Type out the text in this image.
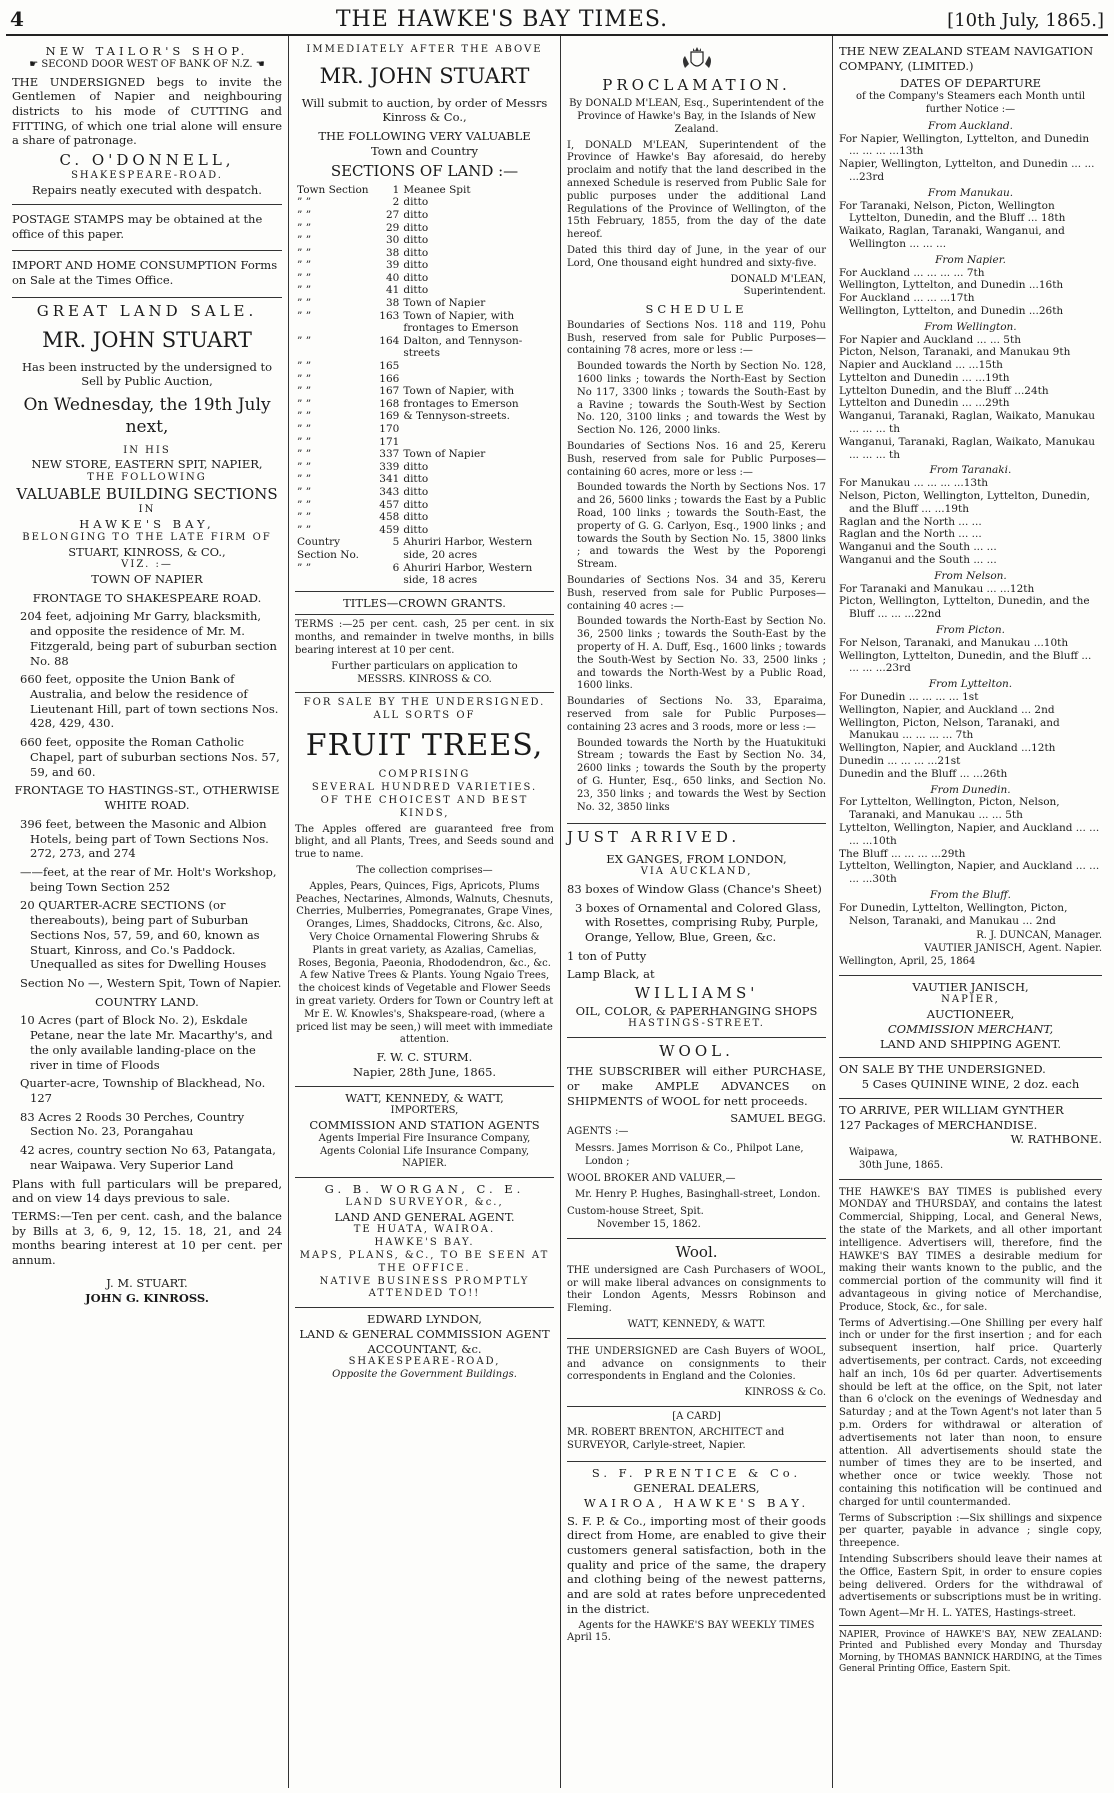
4	THE HAWKE'S BAY TIMES.	[10th July, 1865.]
NEW TAILOR'S SHOP.
☛ SECOND DOOR WEST OF BANK OF N.Z. ☚

THE UNDERSIGNED begs to invite the Gentlemen of Napier and neighbouring districts to his mode of CUTTING and FITTING, of which one trial alone will ensure a share of patronage.

C. O'DONNELL,
SHAKESPEARE-ROAD.
Repairs neatly executed with despatch.

POSTAGE STAMPS may be obtained at the office of this paper.

IMPORT AND HOME CONSUMPTION Forms on Sale at the Times Office.

GREAT LAND SALE.
MR. JOHN STUART
Has been instructed by the undersigned to Sell by Public Auction,
On Wednesday, the 19th July next,
IN HIS
NEW STORE, EASTERN SPIT, NAPIER,
THE FOLLOWING
VALUABLE BUILDING SECTIONS
IN
HAWKE'S BAY,
BELONGING TO THE LATE FIRM OF
STUART, KINROSS, & CO.,
VIZ. :—
TOWN OF NAPIER
FRONTAGE TO SHAKESPEARE ROAD.
204 feet, adjoining Mr Garry, blacksmith, and opposite the residence of Mr. M. Fitzgerald, being part of suburban section No. 88
660 feet, opposite the Union Bank of Australia, and below the residence of Lieutenant Hill, part of town sections Nos. 428, 429, 430.
660 feet, opposite the Roman Catholic Chapel, part of suburban sections Nos. 57, 59, and 60.
FRONTAGE TO HASTINGS-ST., OTHERWISE WHITE ROAD.
396 feet, between the Masonic and Albion Hotels, being part of Town Sections Nos. 272, 273, and 274
——feet, at the rear of Mr. Holt's Workshop, being Town Section 252
20 QUARTER-ACRE SECTIONS (or thereabouts), being part of Suburban Sections Nos, 57, 59, and 60, known as Stuart, Kinross, and Co.'s Paddock. Unequalled as sites for Dwelling Houses
Section No —, Western Spit, Town of Napier.
COUNTRY LAND.
10 Acres (part of Block No. 2), Eskdale Petane, near the late Mr. Macarthy's, and the only available landing-place on the river in time of Floods
Quarter-acre, Township of Blackhead, No. 127
83 Acres 2 Roods 30 Perches, Country Section No. 23, Porangahau
42 acres, country section No 63, Patangata, near Waipawa. Very Superior Land

Plans with full particulars will be prepared, and on view 14 days previous to sale.

TERMS:—Ten per cent. cash, and the balance by Bills at 3, 6, 9, 12, 15. 18, 21, and 24 months bearing interest at 10 per cent. per annum.

J. M. STUART.
JOHN G. KINROSS.
IMMEDIATELY AFTER THE ABOVE
MR. JOHN STUART
Will submit to auction, by order of Messrs Kinross & Co.,
THE FOLLOWING VERY VALUABLE
Town and Country
SECTIONS OF LAND :—
Town Section	1	Meanee Spit
” ”	2	ditto
” ”	27	ditto
” ”	29	ditto
” ”	30	ditto
” ”	38	ditto
” ”	39	ditto
” ”	40	ditto
” ”	41	ditto
” ”	38	Town of Napier
” ”	163	Town of Napier, with frontages to Emerson
” ”	164	Dalton, and Tennyson-streets
” ”	165	
” ”	166	
” ”	167	Town of Napier, with
” ”	168	frontages to Emerson
” ”	169	& Tennyson-streets.
” ”	170	
” ”	171	
” ”	337	Town of Napier
” ”	339	ditto
” ”	341	ditto
” ”	343	ditto
” ”	457	ditto
” ”	458	ditto
” ”	459	ditto
Country Section No.	5	Ahuriri Harbor, Western side, 20 acres
” ”	6	Ahuriri Harbor, Western side, 18 acres
TITLES—CROWN GRANTS.

TERMS :—25 per cent. cash, 25 per cent. in six months, and remainder in twelve months, in bills bearing interest at 10 per cent.

Further particulars on application to
MESSRS. KINROSS & CO.
FOR SALE BY THE UNDERSIGNED.
ALL SORTS OF
FRUIT TREES,
COMPRISING
SEVERAL HUNDRED VARIETIES.
OF THE CHOICEST AND BEST KINDS,

The Apples offered are guaranteed free from blight, and all Plants, Trees, and Seeds sound and true to name.

The collection comprises—

Apples, Pears, Quinces, Figs, Apricots, Plums Peaches, Nectarines, Almonds, Walnuts, Chesnuts, Cherries, Mulberries, Pomegranates, Grape Vines, Oranges, Limes, Shaddocks, Citrons, &c. Also, Very Choice Ornamental Flowering Shrubs & Plants in great variety, as Azalias, Camelias, Roses, Begonia, Paeonia, Rhododendron, &c., &c. A few Native Trees & Plants. Young Ngaio Trees, the choicest kinds of Vegetable and Flower Seeds in great variety. Orders for Town or Country left at Mr E. W. Knowles's, Shakspeare-road, (where a priced list may be seen,) will meet with immediate attention.

F. W. C. STURM.
Napier, 28th June, 1865.
WATT, KENNEDY, & WATT,
IMPORTERS,
COMMISSION AND STATION AGENTS
Agents Imperial Fire Insurance Company,
Agents Colonial Life Insurance Company,
NAPIER.
G. B. WORGAN, C. E.
LAND SURVEYOR, &c.,
LAND AND GENERAL AGENT.
TE HUATA, WAIROA.
HAWKE'S BAY.
MAPS, PLANS, &C., TO BE SEEN AT THE OFFICE.
NATIVE BUSINESS PROMPTLY ATTENDED TO!!
EDWARD LYNDON,
LAND & GENERAL COMMISSION AGENT
ACCOUNTANT, &c.
SHAKESPEARE-ROAD,
Opposite the Government Buildings.
PROCLAMATION.

By DONALD M'LEAN, Esq., Superintendent of the Province of Hawke's Bay, in the Islands of New Zealand.

I, DONALD M'LEAN, Superintendent of the Province of Hawke's Bay aforesaid, do hereby proclaim and notify that the land described in the annexed Schedule is reserved from Public Sale for public purposes under the additional Land Regulations of the Province of Wellington, of the 15th February, 1855, from the day of the date hereof.

Dated this third day of June, in the year of our Lord, One thousand eight hundred and sixty-five.

DONALD M'LEAN,
Superintendent.
SCHEDULE

Boundaries of Sections Nos. 118 and 119, Pohu Bush, reserved from sale for Public Purposes—containing 78 acres, more or less :—

Bounded towards the North by Section No. 128, 1600 links ; towards the North-East by Section No 117, 3300 links ; towards the South-East by a Ravine ; towards the South-West by Section No. 120, 3100 links ; and towards the West by Section No. 126, 2000 links.

Boundaries of Sections Nos. 16 and 25, Kereru Bush, reserved from sale for Public Purposes—containing 60 acres, more or less :—

Bounded towards the North by Sections Nos. 17 and 26, 5600 links ; towards the East by a Public Road, 100 links ; towards the South-East, the property of G. G. Carlyon, Esq., 1900 links ; and towards the South by Section No. 15, 3800 links ; and towards the West by the Poporengi Stream.

Boundaries of Sections Nos. 34 and 35, Kereru Bush, reserved from sale for Public Purposes—containing 40 acres :—

Bounded towards the North-East by Section No. 36, 2500 links ; towards the South-East by the property of H. A. Duff, Esq., 1600 links ; towards the South-West by Section No. 33, 2500 links ; and towards the North-West by a Public Road, 1600 links.

Boundaries of Sections No. 33, Eparaima, reserved from sale for Public Purposes—containing 23 acres and 3 roods, more or less :—

Bounded towards the North by the Huatukituki Stream ; towards the East by Section No. 34, 2600 links ; towards the South by the property of G. Hunter, Esq., 650 links, and Section No. 23, 350 links ; and towards the West by Section No. 32, 3850 links

JUST ARRIVED.
EX GANGES, FROM LONDON,
VIA AUCKLAND,

83 boxes of Window Glass (Chance's Sheet)

3 boxes of Ornamental and Colored Glass, with Rosettes, comprising Ruby, Purple, Orange, Yellow, Blue, Green, &c.

1 ton of Putty

Lamp Black, at

WILLIAMS'
OIL, COLOR, & PAPERHANGING SHOPS
HASTINGS-STREET.
WOOL.

THE SUBSCRIBER will either PURCHASE, or make AMPLE ADVANCES on SHIPMENTS of WOOL for nett proceeds.

SAMUEL BEGG.
AGENTS :—
Messrs. James Morrison & Co., Philpot Lane, London ;
WOOL BROKER AND VALUER,—
Mr. Henry P. Hughes, Basinghall-street, London.
Custom-house Street, Spit.
November 15, 1862.
Wool.

THE undersigned are Cash Purchasers of WOOL, or will make liberal advances on consignments to their London Agents, Messrs Robinson and Fleming.

WATT, KENNEDY, & WATT.

THE UNDERSIGNED are Cash Buyers of WOOL, and advance on consignments to their correspondents in England and the Colonies.

KINROSS & Co.
[A CARD]

MR. ROBERT BRENTON, ARCHITECT and SURVEYOR, Carlyle-street, Napier.

S. F. PRENTICE & Co.
GENERAL DEALERS,
WAIROA, HAWKE'S BAY.

S. F. P. & Co., importing most of their goods direct from Home, are enabled to give their customers general satisfaction, both in the quality and price of the same, the drapery and clothing being of the newest patterns, and are sold at rates before unprecedented in the district.

Agents for the HAWKE'S BAY WEEKLY TIMES
April 15.
THE NEW ZEALAND STEAM NAVIGATION COMPANY, (LIMITED.)
DATES OF DEPARTURE
of the Company's Steamers each Month until further Notice :—
From Auckland.
For Napier, Wellington, Lyttelton, and Dunedin ... ... ... ...13th
Napier, Wellington, Lyttelton, and Dunedin ... ... ...23rd
From Manukau.
For Taranaki, Nelson, Picton, Wellington Lyttelton, Dunedin, and the Bluff ... 18th
Waikato, Raglan, Taranaki, Wanganui, and Wellington ... ... ...
From Napier.
For Auckland ... ... ... ... 7th
Wellington, Lyttelton, and Dunedin ...16th
For Auckland ... ... ...17th
Wellington, Lyttelton, and Dunedin ...26th
From Wellington.
For Napier and Auckland ... ... 5th
Picton, Nelson, Taranaki, and Manukau 9th
Napier and Auckland ... ...15th
Lyttelton and Dunedin ... ...19th
Lyttelton Dunedin, and the Bluff ...24th
Lyttelton and Dunedin ... ...29th
Wanganui, Taranaki, Raglan, Waikato, Manukau ... ... ... th
Wanganui, Taranaki, Raglan, Waikato, Manukau ... ... ... th
From Taranaki.
For Manukau ... ... ... ...13th
Nelson, Picton, Wellington, Lyttelton, Dunedin, and the Bluff ... ...19th
Raglan and the North ... ...
Raglan and the North ... ...
Wanganui and the South ... ...
Wanganui and the South ... ...
From Nelson.
For Taranaki and Manukau ... ...12th
Picton, Wellington, Lyttelton, Dunedin, and the Bluff ... ... ...22nd
From Picton.
For Nelson, Taranaki, and Manukau ...10th
Wellington, Lyttelton, Dunedin, and the Bluff ... ... ... ...23rd
From Lyttelton.
For Dunedin ... ... ... ... 1st
Wellington, Napier, and Auckland ... 2nd
Wellington, Picton, Nelson, Taranaki, and Manukau ... ... ... ... 7th
Wellington, Napier, and Auckland ...12th
Dunedin ... ... ... ...21st
Dunedin and the Bluff ... ...26th
From Dunedin.
For Lyttelton, Wellington, Picton, Nelson, Taranaki, and Manukau ... ... 5th
Lyttelton, Wellington, Napier, and Auckland ... ... ... ...10th
The Bluff ... ... ... ...29th
Lyttelton, Wellington, Napier, and Auckland ... ... ... ...30th
From the Bluff.
For Dunedin, Lyttelton, Wellington, Picton, Nelson, Taranaki, and Manukau ... 2nd
R. J. DUNCAN, Manager.
VAUTIER JANISCH, Agent. Napier.
Wellington, April, 25, 1864
VAUTIER JANISCH,
NAPIER,
AUCTIONEER,
COMMISSION MERCHANT,
LAND AND SHIPPING AGENT.
ON SALE BY THE UNDERSIGNED.
5 Cases QUININE WINE, 2 doz. each
TO ARRIVE, PER WILLIAM GYNTHER
127 Packages of MERCHANDISE.
W. RATHBONE.
Waipawa,
30th June, 1865.

THE HAWKE'S BAY TIMES is published every MONDAY and THURSDAY, and contains the latest Commercial, Shipping, Local, and General News, the state of the Markets, and all other important intelligence. Advertisers will, therefore, find the HAWKE'S BAY TIMES a desirable medium for making their wants known to the public, and the commercial portion of the community will find it advantageous in giving notice of Merchandise, Produce, Stock, &c., for sale.

Terms of Advertising.—One Shilling per every half inch or under for the first insertion ; and for each subsequent insertion, half price. Quarterly advertisements, per contract. Cards, not exceeding half an inch, 10s 6d per quarter. Advertisements should be left at the office, on the Spit, not later than 6 o'clock on the evenings of Wednesday and Saturday ; and at the Town Agent's not later than 5 p.m. Orders for withdrawal or alteration of advertisements not later than noon, to ensure attention. All advertisements should state the number of times they are to be inserted, and whether once or twice weekly. Those not containing this notification will be continued and charged for until countermanded.

Terms of Subscription :—Six shillings and sixpence per quarter, payable in advance ; single copy, threepence.

Intending Subscribers should leave their names at the Office, Eastern Spit, in order to ensure copies being delivered. Orders for the withdrawal of advertisements or subscriptions must be in writing.

Town Agent—Mr H. L. YATES, Hastings-street.

NAPIER, Province of HAWKE'S BAY, NEW ZEALAND: Printed and Published every Monday and Thursday Morning, by THOMAS BANNICK HARDING, at the Times General Printing Office, Eastern Spit.
